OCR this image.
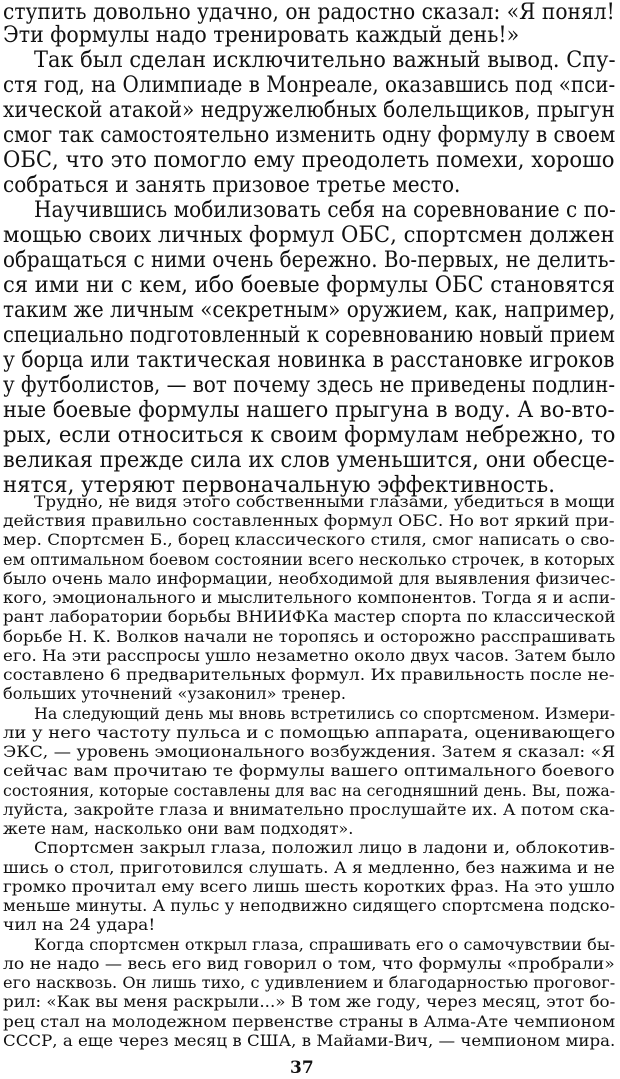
ступить довольно удачно, он радостно сказал: «Я понял!
Эти формулы надо тренировать каждый день!»
Так был сделан исключительно важный вывод. Спу-
стя год, на Олимпиаде в Монреале, оказавшись под «пси-
хической атакой» недружелюбных болельщиков, прыгун
смог так самостоятельно изменить одну формулу в своем
ОБС, что это помогло ему преодолеть помехи, хорошо
собраться и занять призовое третье место.
Научившись мобилизовать себя на соревнование с по-
мощью своих личных формул ОБС, спортсмен должен
обращаться с ними очень бережно. Во-первых, не делить-
ся ими ни с кем, ибо боевые формулы ОБС становятся
таким же личным «секретным» оружием, как, например,
специально подготовленный к соревнованию новый прием
у борца или тактическая новинка в расстановке игроков
у футболистов, — вот почему здесь не приведены подлин-
ные боевые формулы нашего прыгуна в воду. А во-вто-
рых, если относиться к своим формулам небрежно, то
великая прежде сила их слов уменьшится, они обесце-
нятся, утеряют первоначальную эффективность.
Трудно, не видя этого собственными глазами, убедиться в мощи
действия правильно составленных формул ОБС. Но вот яркий при-
мер. Спортсмен Б., борец классического стиля, смог написать о сво-
ем оптимальном боевом состоянии всего несколько строчек, в которых
было очень мало информации, необходимой для выявления физичес-
кого, эмоционального и мыслительного компонентов. Тогда я и аспи-
рант лаборатории борьбы ВНИИФКа мастер спорта по классической
борьбе Н. К. Волков начали не торопясь и осторожно расспрашивать
его. На эти расспросы ушло незаметно около двух часов. Затем было
составлено 6 предварительных формул. Их правильность после не-
больших уточнений «узаконил» тренер.
На следующий день мы вновь встретились со спортсменом. Измери-
ли у него частоту пульса и с помощью аппарата, оценивающего
ЭКС, — уровень эмоционального возбуждения. Затем я сказал: «Я
сейчас вам прочитаю те формулы вашего оптимального боевого
состояния, которые составлены для вас на сегодняшний день. Вы, пожа-
луйста, закройте глаза и внимательно прослушайте их. А потом ска-
жете нам, насколько они вам подходят».
Спортсмен закрыл глаза, положил лицо в ладони и, облокотив-
шись о стол, приготовился слушать. А я медленно, без нажима и не
громко прочитал ему всего лишь шесть коротких фраз. На это ушло
меньше минуты. А пульс у неподвижно сидящего спортсмена подско-
чил на 24 удара!
Когда спортсмен открыл глаза, спрашивать его о самочувствии бы-
ло не надо — весь его вид говорил о том, что формулы «пробрали»
его насквозь. Он лишь тихо, с удивлением и благодарностью проговог-
рил: «Как вы меня раскрыли...» В том же году, через месяц, этот бо-
рец стал на молодежном первенстве страны в Алма-Ате чемпионом
СССР, а еще через месяц в США, в Майами-Вич, — чемпионом мира.
37
